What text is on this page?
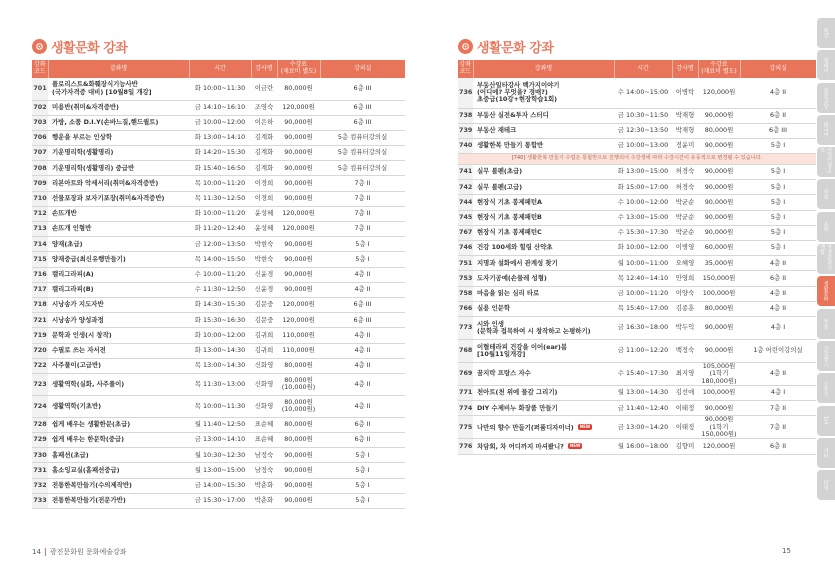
생활문화 강좌
강좌
코드	강좌명	시간	강사명	수강료
(재료비 별도)	강의실
701	플로리스트&화훼장식기능사반
(국가자격증 대비) [10월8일 개강]	화 10:00~11:30	이금란	80,000원	6층 III
702	미용반(취미&자격증반)	금 14:10~16:10	조영숙	120,000원	6층 III
703	가방, 소품 D.I.Y(손바느질,핸드퀼트)	금 10:00~12:00	이은하	90,000원	6층 III
706	행운을 부르는 인상학	화 13:00~14:10	김계화	90,000원	5층 컴퓨터강의실
707	기운명리학(생활명리)	화 14:20~15:30	김계화	90,000원	5층 컴퓨터강의실
708	기운명리학(생활명리) 중급반	화 15:40~16:50	김계화	90,000원	5층 컴퓨터강의실
709	리본아트와 악세서리(취미&자격증반)	목 10:00~11:20	이경희	90,000원	7층 II
710	선물포장과 보자기포장(취미&자격증반)	목 11:30~12:50	이경희	90,000원	7층 II
712	손뜨개반	화 10:00~11:20	윤성혜	120,000원	7층 II
713	손뜨개 인형반	화 11:20~12:40	윤성혜	120,000원	7층 II
714	양재(초급)	금 12:00~13:50	박현숙	90,000원	5층 I
715	양재중급(최신유행만들기)	목 14:00~15:50	박현숙	90,000원	5층 I
716	캘리그라피(A)	수 10:00~11:20	신윤경	90,000원	4층 II
717	캘리그라피(B)	수 11:30~12:50	신윤경	90,000원	4층 II
718	시낭송가 지도자반	화 14:30~15:30	김문중	120,000원	6층 III
721	시낭송가 양성과정	화 15:30~16:30	김문중	120,000원	6층 III
719	문학과 인생(시 창작)	화 10:00~12:00	김귀희	110,000원	4층 II
720	수필로 쓰는 자서전	화 13:00~14:30	김귀희	110,000원	4층 II
722	사주풀이(고급반)	목 13:00~14:30	신화영	80,000원	4층 II
723	생활역학(실화, 사주풀이)	목 11:30~13:00	신화영	80,000원
(10,000원)	4층 II
724	생활역학(기초반)	목 10:00~11:30	신화영	80,000원
(10,000원)	4층 II
728	쉽게 배우는 생활한문(초급)	월 11:40~12:50	표순혜	80,000원	6층 II
729	쉽게 배우는 한문학(중급)	금 13:00~14:10	표순혜	80,000원	6층 II
730	홈패션(초급)	월 10:30~12:30	남정숙	90,000원	5층 I
731	홈소잉교실(홈패션중급)	월 13:00~15:00	남정숙	90,000원	5층 I
732	전통한복만들기(수의제작반)	금 14:00~15:30	박춘화	90,000원	5층 I
733	전통한복만들기(전문가반)	금 15:30~17:00	박춘화	90,000원	5층 I
14 광진문화원 문화예술강좌
생활문화 강좌
강좌
코드	강좌명	시간	강사명	수강료
(재료비 별도)	강의실
736	부동산일타강사 백가지이야기
(어디에? 무엇을? 경매?)
초중급(10강+현장학습1회)	수 14:00~15:00	이병탁	120,000원	4층 II
738	부동산 실전&투자 스터디	금 10:30~11:50	박재형	90,000원	6층 II
739	부동산 재테크	금 12:30~13:50	박재형	80,000원	6층 III
740	생활한복 만들기 통합반	금 10:00~13:00	정윤미	90,000원	5층 I
[740] 생활한복 만들기 수업은 통합반으로 진행되어 수강생에 따라 수강시간이 유동적으로 변경될 수 있습니다.					
741	실무 볼펜(초급)	화 13:00~15:00	허경숙	90,000원	5층 I
742	실무 볼펜(고급)	화 15:00~17:00	허경숙	90,000원	5층 I
744	현장식 기초 봉제패턴A	수 10:00~12:00	박균순	90,000원	5층 I
745	현장식 기초 봉제패턴B	수 13:00~15:00	박균순	90,000원	5층 I
767	현장식 기초 봉제패턴C	수 15:30~17:30	박균순	90,000원	5층 I
746	건강 100세와 힐링 산약초	화 10:00~12:00	이병영	60,000원	5층 I
751	지명과 설화에서 관계성 찾기	월 10:00~11:00	오혜영	35,000원	4층 II
753	도자기공예(손물레 성형)	목 12:40~14:10	안영희	150,000원	6층 II
758	마음을 읽는 심리 타로	금 10:00~11:20	이양숙	100,000원	4층 II
766	실용 인문학	목 15:40~17:00	김종훈	80,000원	4층 II
773	시와 인생
(문학과 접목하여 시 창작하고 논평하기)	금 16:30~18:00	박두익	90,000원	4층 I
768	이혈테라피 건강을 이어(ear)봄
[10월11일개강]	금 11:00~12:20	백정숙	90,000원	1층 어린이강의실
769	꿈지락 프랑스 자수	수 15:40~17:30	최지영	105,000원
(1학기
180,000원)	4층 II
771	천아트(천 위에 물감 그리기)	월 13:00~14:30	김선애	100,000원	4층 I
774	DIY 수제비누 화장품 만들기	금 11:40~12:40	이태정	90,000원	7층 II
775	나만의 향수 만들기(퍼퓸디자이너) NEW	금 13:00~14:20	이태정	90,000원
(1학기
150,000원)	7층 II
776	차담회, 차 어디까지 마셔봤니? NEW	월 16:00~18:00	김향미	120,000원	6층 II
15
특강
원데이
인문교양
외국어
어린이/청소년
미술
음악
자격증/자기계발
생활문화
무용
건강댄스
스포츠
1일
기타
안내
